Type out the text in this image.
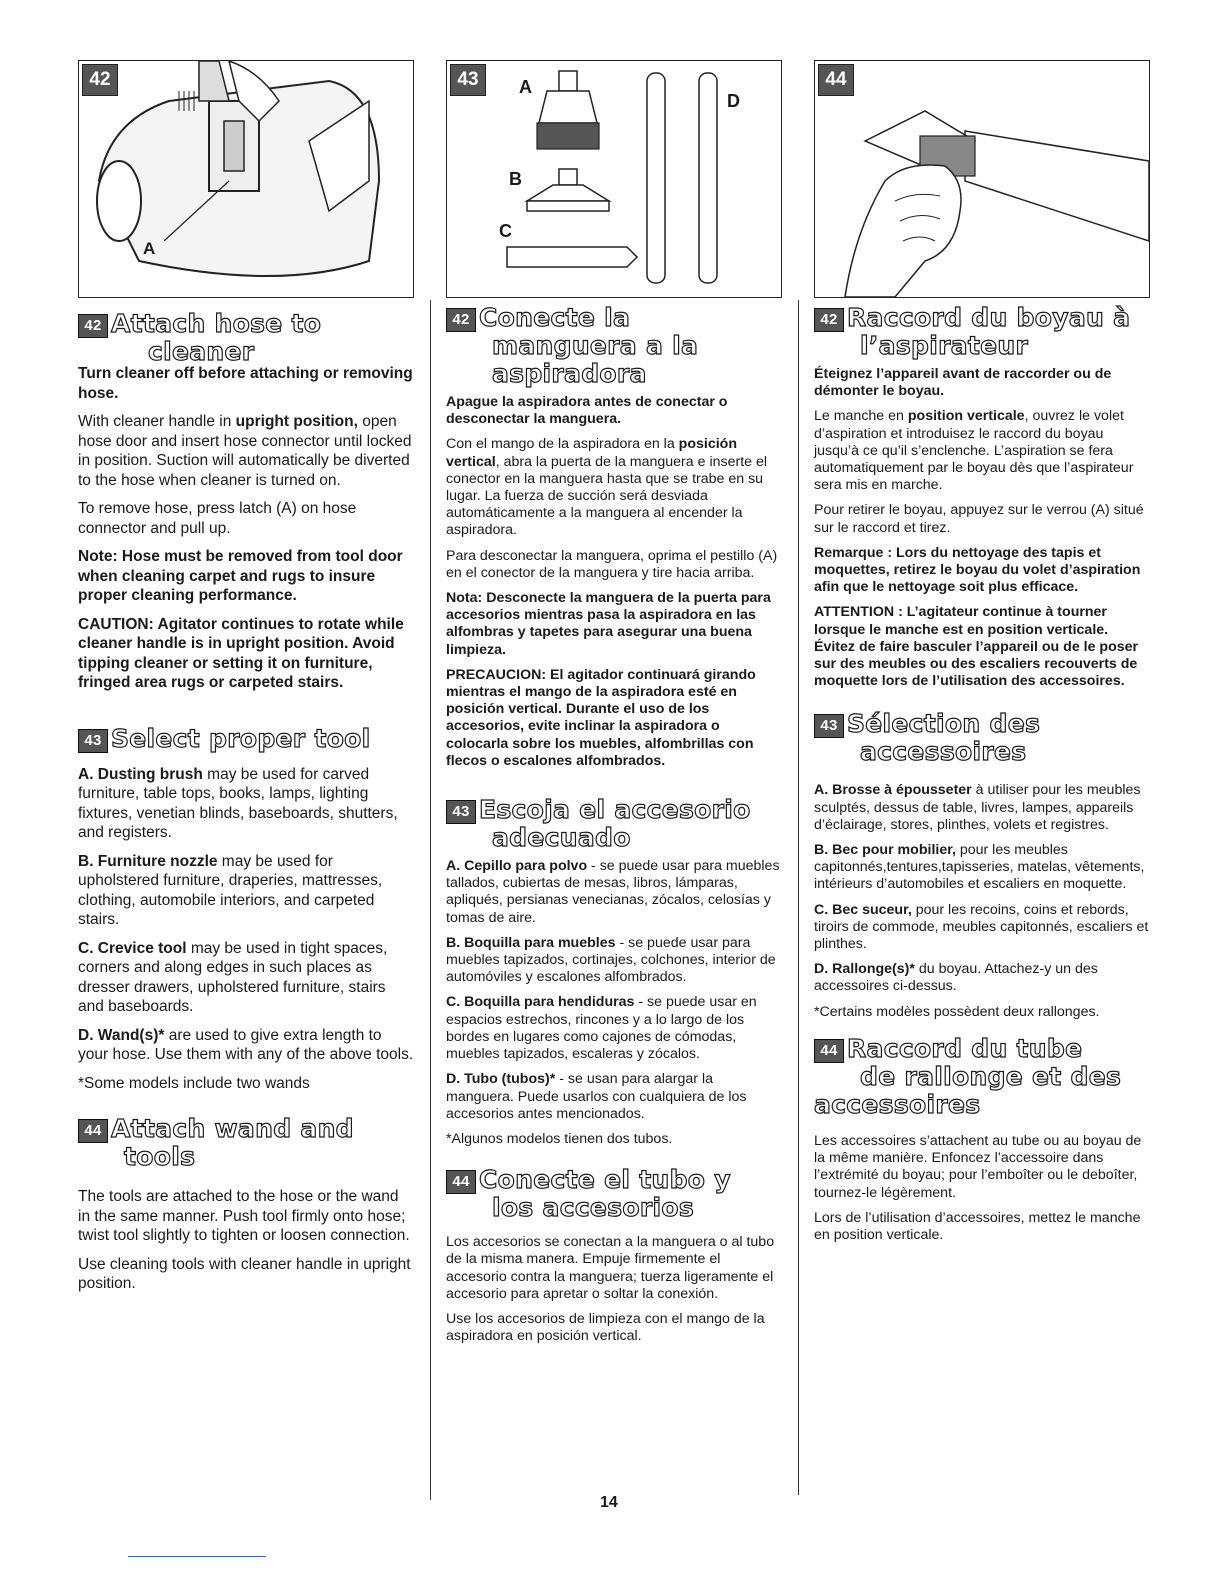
42
A
42 Attach hose to
cleaner

Turn cleaner off before attaching or removing hose.

With cleaner handle in upright position, open hose door and insert hose connector until locked in position. Suction will automatically be diverted to the hose when cleaner is turned on.

To remove hose, press latch (A) on hose connector and pull up.

Note: Hose must be removed from tool door when cleaning carpet and rugs to insure proper cleaning performance.

CAUTION: Agitator continues to rotate while cleaner handle is in upright position. Avoid tipping cleaner or setting it on furniture, fringed area rugs or carpeted stairs.

43 Select proper tool

A. Dusting brush may be used for carved furniture, table tops, books, lamps, lighting fixtures, venetian blinds, baseboards, shutters, and registers.

B. Furniture nozzle may be used for upholstered furniture, draperies, mattresses, clothing, automobile interiors, and carpeted stairs.

C. Crevice tool may be used in tight spaces, corners and along edges in such places as dresser drawers, upholstered furniture, stairs and baseboards.

D. Wand(s)* are used to give extra length to your hose. Use them with any of the above tools.

*Some models include two wands

44 Attach wand and
tools

The tools are attached to the hose or the wand in the same manner. Push tool firmly onto hose; twist tool slightly to tighten or loosen connection.

Use cleaning tools with cleaner handle in upright position.

43	A
B
C
D
42 Conecte la
manguera a la
aspiradora

Apague la aspiradora antes de conectar o desconectar la manguera.

Con el mango de la aspiradora en la posición vertical, abra la puerta de la manguera e inserte el conector en la manguera hasta que se trabe en su lugar. La fuerza de succión será desviada automáticamente a la manguera al encender la aspiradora.

Para desconectar la manguera, oprima el pestillo (A) en el conector de la manguera y tire hacia arriba.

Nota: Desconecte la manguera de la puerta para accesorios mientras pasa la aspiradora en las alfombras y tapetes para asegurar una buena limpieza.

PRECAUCION: El agitador continuará girando mientras el mango de la aspiradora esté en posición vertical. Durante el uso de los accesorios, evite inclinar la aspiradora o colocarla sobre los muebles, alfombrillas con flecos o escalones alfombrados.

43 Escoja el accesorio
adecuado

A. Cepillo para polvo - se puede usar para muebles tallados, cubiertas de mesas, libros, lámparas, apliqués, persianas venecianas, zócalos, celosías y tomas de aire.

B. Boquilla para muebles - se puede usar para muebles tapizados, cortinajes, colchones, interior de automóviles y escalones alfombrados.

C. Boquilla para hendiduras - se puede usar en espacios estrechos, rincones y a lo largo de los bordes en lugares como cajones de cómodas, muebles tapizados, escaleras y zócalos.

D. Tubo (tubos)* - se usan para alargar la manguera. Puede usarlos con cualquiera de los accesorios antes mencionados.

*Algunos modelos tienen dos tubos.

44 Conecte el tubo y
los accesorios

Los accesorios se conectan a la manguera o al tubo de la misma manera. Empuje firmemente el accesorio contra la manguera; tuerza ligeramente el accesorio para apretar o soltar la conexión.

Use los accesorios de limpieza con el mango de la aspiradora en posición vertical.

44
42 Raccord du boyau à
l’aspirateur

Éteignez l’appareil avant de raccorder ou de démonter le boyau.

Le manche en position verticale, ouvrez le volet d’aspiration et introduisez le raccord du boyau jusqu’à ce qu’il s’enclenche. L’aspiration se fera automatiquement par le boyau dès que l’aspirateur sera mis en marche.

Pour retirer le boyau, appuyez sur le verrou (A) situé sur le raccord et tirez.

Remarque : Lors du nettoyage des tapis et moquettes, retirez le boyau du volet d’aspiration afin que le nettoyage soit plus efficace.

ATTENTION : L’agitateur continue à tourner lorsque le manche est en position verticale. Évitez de faire basculer l’appareil ou de le poser sur des meubles ou des escaliers recouverts de moquette lors de l’utilisation des accessoires.

43 Sélection des
accessoires

A. Brosse à épousseter à utiliser pour les meubles sculptés, dessus de table, livres, lampes, appareils d’éclairage, stores, plinthes, volets et registres.

B. Bec pour mobilier, pour les meubles capitonnés,tentures,tapisseries, matelas, vêtements, intérieurs d’automobiles et escaliers en moquette.

C. Bec suceur, pour les recoins, coins et rebords, tiroirs de commode, meubles capitonnés, escaliers et plinthes.

D. Rallonge(s)* du boyau. Attachez-y un des accessoires ci-dessus.

*Certains modèles possèdent deux rallonges.

44 Raccord du tube
de rallonge et des
accessoires

Les accessoires s’attachent au tube ou au boyau de la même manière. Enfoncez l’accessoire dans l’extrémité du boyau; pour l’emboîter ou le deboîter, tournez-le légèrement.

Lors de l’utilisation d’accessoires, mettez le manche en position verticale.

14
